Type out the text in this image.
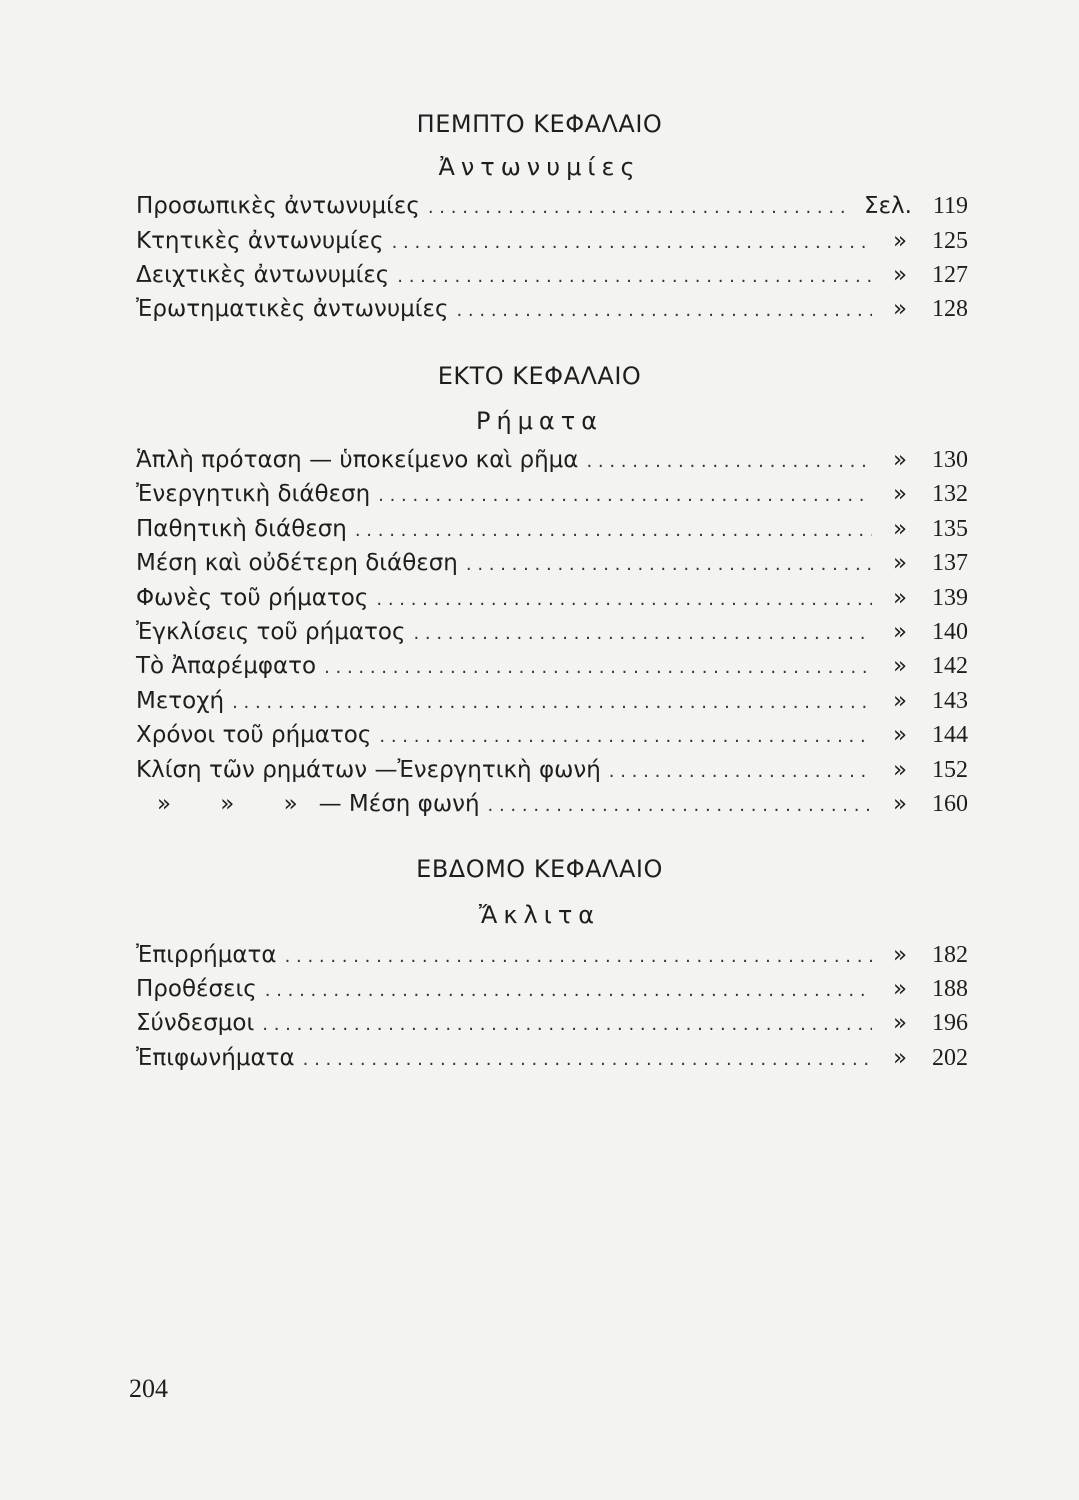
ΠΕΜΠΤΟ ΚΕΦΑΛΑΙΟ
Ἀντωνυμίες
Προσωπικὲς ἀντωνυμίες . . .	Σελ. 119
Κτητικὲς ἀντωνυμίες . . .	»	125
Δειχτικὲς ἀντωνυμίες . . .	»	127
Ἐρωτηματικὲς ἀντωνυμίες . . .	»	128
ΕΚΤΟ ΚΕΦΑΛΑΙΟ
Ρήματα
Ἁπλὴ πρόταση — ὑποκείμενο καὶ ρῆμα . . .	»	130
Ἐνεργητικὴ διάθεση . . .	»	132
Παθητικὴ διάθεση . . .	»	135
Μέση καὶ οὐδέτερη διάθεση . . .	»	137
Φωνὲς τοῦ ρήματος . . .	»	139
Ἐγκλίσεις τοῦ ρήματος . . .	»	140
Τὸ Ἀπαρέμφατο . . .	»	142
Μετοχή . . .	»	143
Χρόνοι τοῦ ρήματος . . .	»	144
Κλίση τῶν ρημάτων —Ἐνεργητικὴ φωνή . . .	»	152
» » » — Μέση φωνή . . .	»	160
ΕΒΔΟΜΟ ΚΕΦΑΛΑΙΟ
Ἄκλιτα
Ἐπιρρήματα . . .	»	182
Προθέσεις . . .	»	188
Σύνδεσμοι . . .	»	196
Ἐπιφωνήματα . . .	»	202
204
